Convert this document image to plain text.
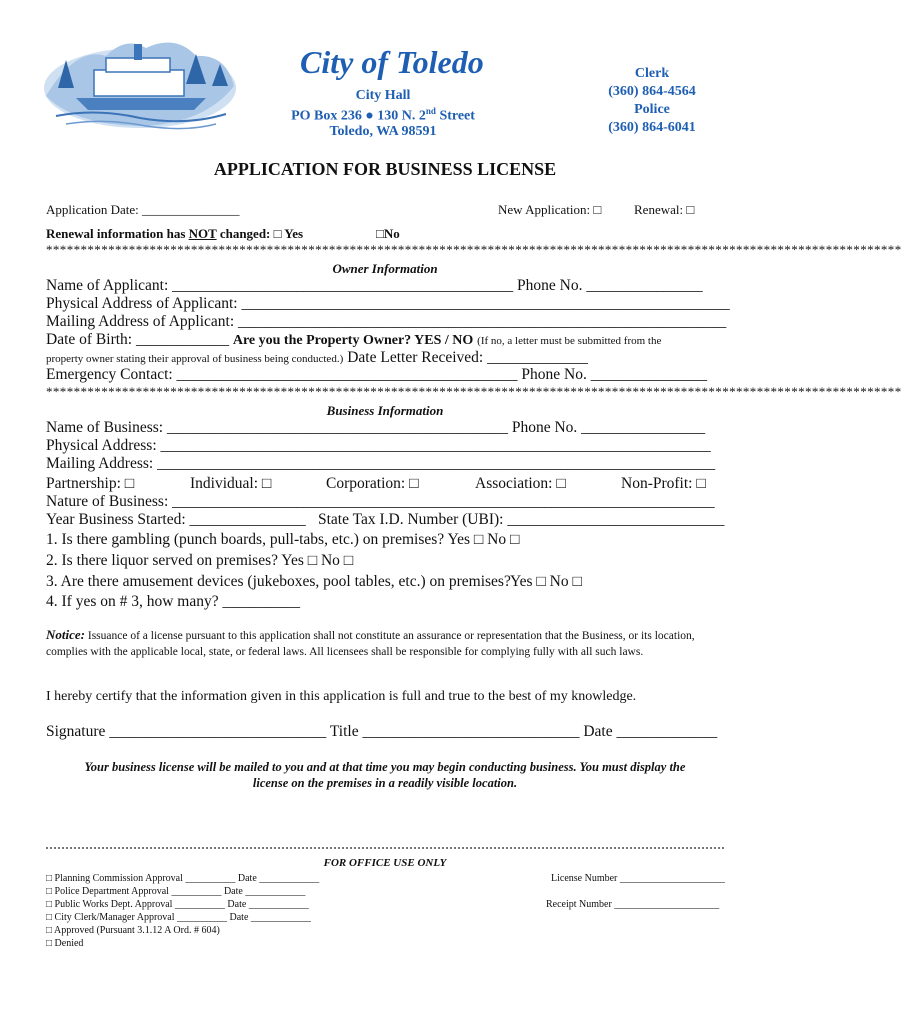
City of Toledo
City Hall
PO Box 236 ● 130 N. 2nd Street
Toledo, WA 98591
Clerk
(360) 864-4564
Police
(360) 864-6041
APPLICATION FOR BUSINESS LICENSE
Application Date: _______________	New Application: □	Renewal: □
Renewal information has NOT changed: □ Yes	□No
****************************************************************************************************************************
Owner Information
Name of Applicant: ____________________________________________ Phone No. _______________
Physical Address of Applicant: _______________________________________________________________
Mailing Address of Applicant: _______________________________________________________________
Date of Birth: ____________ Are you the Property Owner? YES / NO (If no, a letter must be submitted from the
property owner stating their approval of business being conducted.) Date Letter Received: _____________
Emergency Contact: ____________________________________________ Phone No. _______________
****************************************************************************************************************************
Business Information
Name of Business: ____________________________________________ Phone No. ________________
Physical Address: _______________________________________________________________________
Mailing Address: ________________________________________________________________________
Partnership: □	Individual: □	Corporation: □	Association: □	Non-Profit: □
Nature of Business: ______________________________________________________________________
Year Business Started: _______________ State Tax I.D. Number (UBI): ____________________________
1. Is there gambling (punch boards, pull-tabs, etc.) on premises? Yes □ No □
2. Is there liquor served on premises? Yes □ No □
3. Are there amusement devices (jukeboxes, pool tables, etc.) on premises? Yes □ No □
4. If yes on # 3, how many? __________
Notice: Issuance of a license pursuant to this application shall not constitute an assurance or representation that the Business, or its location, complies with the applicable local, state, or federal laws. All licensees shall be responsible for complying fully with all such laws.
I hereby certify that the information given in this application is full and true to the best of my knowledge.
Signature ____________________________ Title ____________________________ Date _____________
Your business license will be mailed to you and at that time you may begin conducting business. You must display the
license on the premises in a readily visible location.
FOR OFFICE USE ONLY
□ Planning Commission Approval __________ Date ____________
□ Police Department Approval __________ Date ____________
□ Public Works Dept. Approval __________ Date ____________
□ City Clerk/Manager Approval __________ Date ____________
□ Approved (Pursuant 3.1.12 A Ord. # 604)
□ Denied
License Number _____________________
Receipt Number _____________________
